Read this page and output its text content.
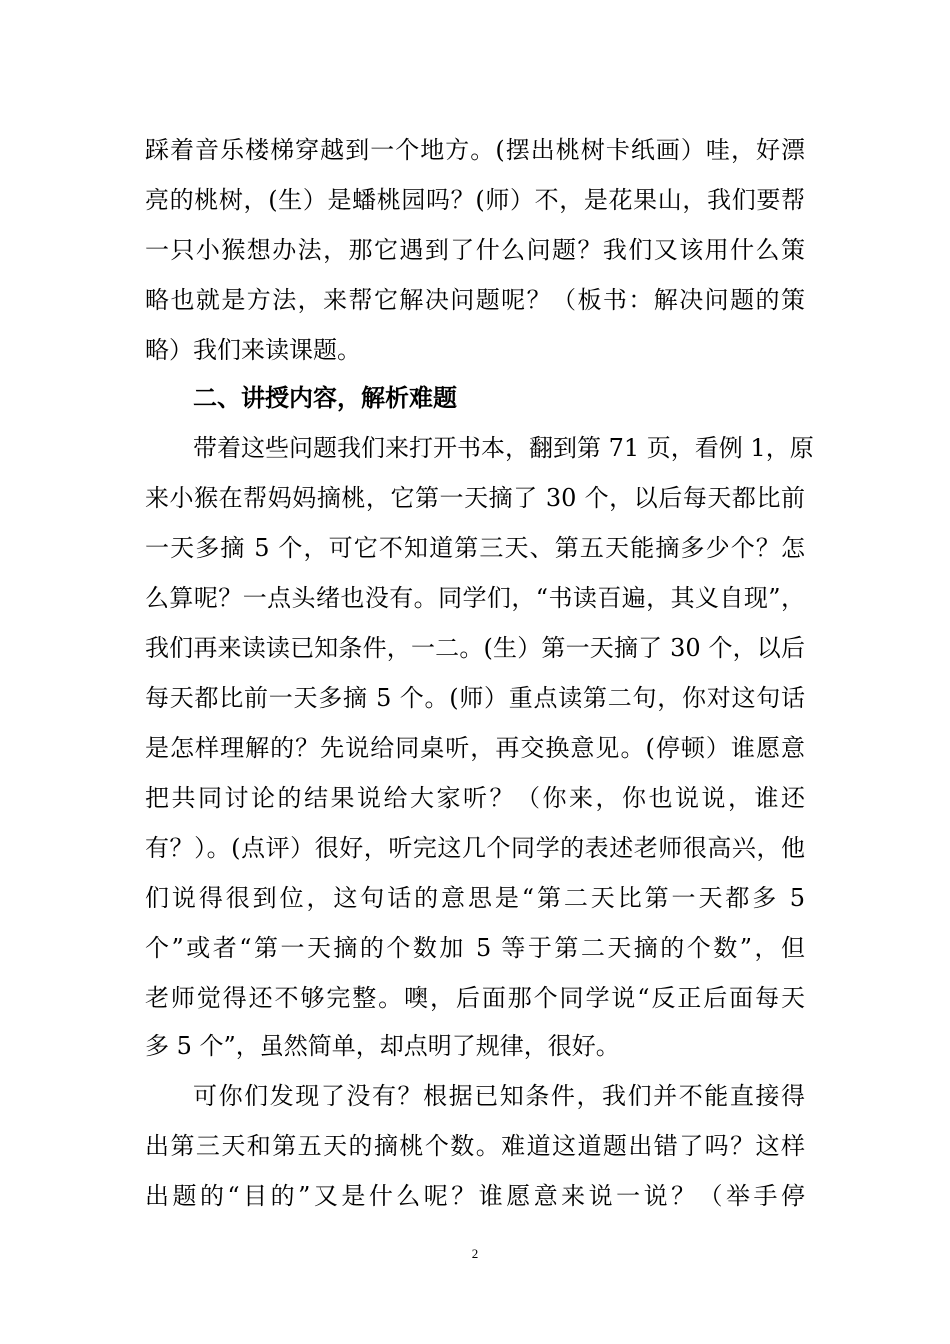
踩着音乐楼梯穿越到一个地方。(摆出桃树卡纸画）哇，好漂
亮的桃树，(生）是蟠桃园吗？(师）不，是花果山，我们要帮
一只小猴想办法，那它遇到了什么问题？我们又该用什么策
略也就是方法，来帮它解决问题呢？（板书：解决问题的策
略）我们来读课题。
二、讲授内容，解析难题
带着这些问题我们来打开书本，翻到第 71 页，看例 1，原
来小猴在帮妈妈摘桃，它第一天摘了 30 个，以后每天都比前
一天多摘 5 个，可它不知道第三天、第五天能摘多少个？怎
么算呢？一点头绪也没有。同学们，“书读百遍，其义自现”，
我们再来读读已知条件，一二。(生）第一天摘了 30 个，以后
每天都比前一天多摘 5 个。(师）重点读第二句，你对这句话
是怎样理解的？先说给同桌听，再交换意见。(停顿）谁愿意
把共同讨论的结果说给大家听？（你来，你也说说，谁还
有？）。(点评）很好，听完这几个同学的表述老师很高兴，他
们说得很到位，这句话的意思是“第二天比第一天都多 5
个”或者“第一天摘的个数加 5 等于第二天摘的个数”，但
老师觉得还不够完整。噢，后面那个同学说“反正后面每天
多 5 个”，虽然简单，却点明了规律，很好。
可你们发现了没有？根据已知条件，我们并不能直接得
出第三天和第五天的摘桃个数。难道这道题出错了吗？这样
出题的“目的”又是什么呢？谁愿意来说一说？（举手停
2
